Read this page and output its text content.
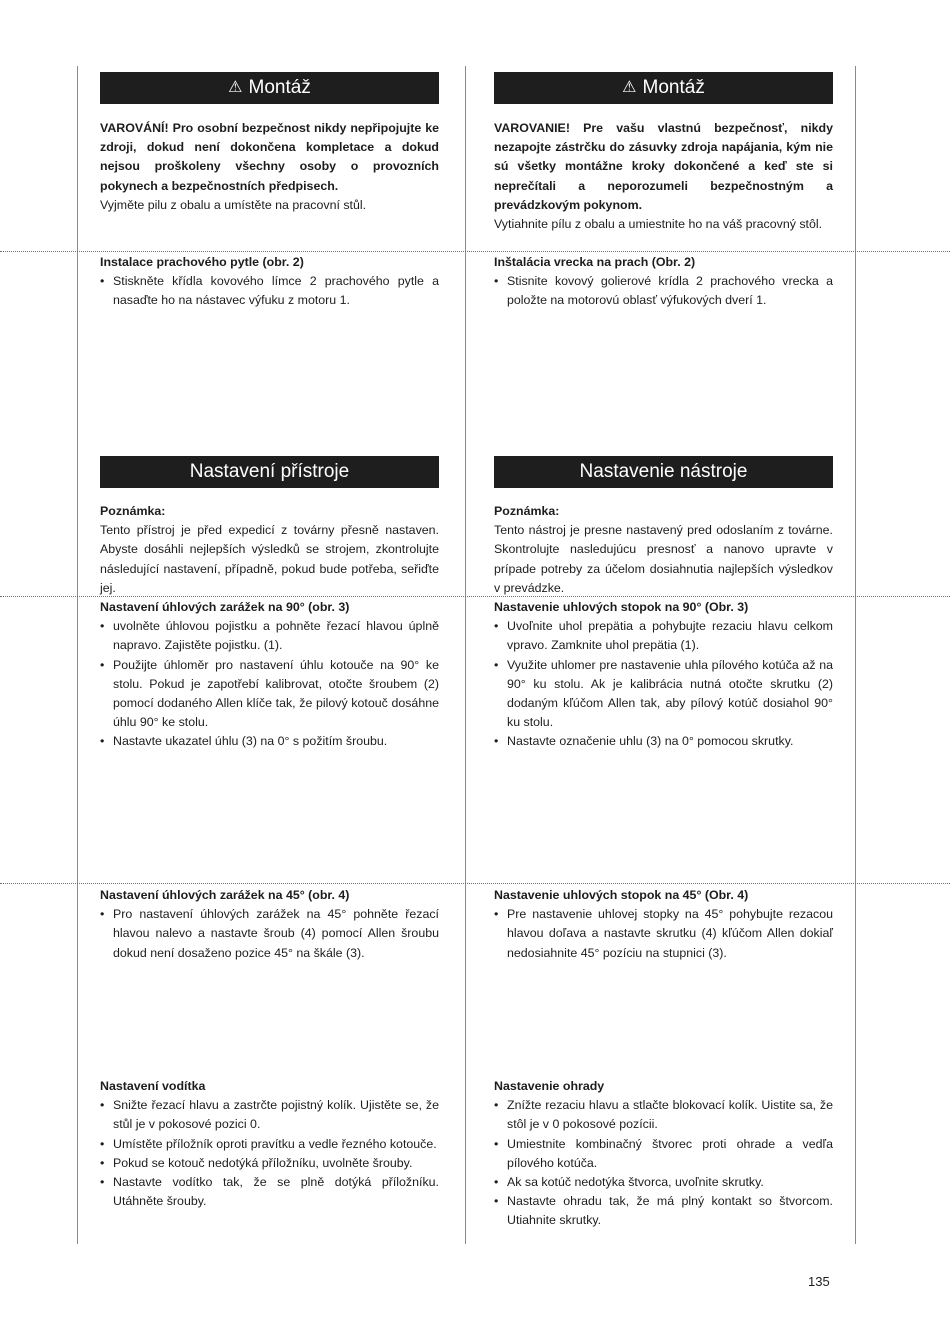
⚠ Montáž

VAROVÁNÍ! Pro osobní bezpečnost nikdy nepřipojujte ke zdroji, dokud není dokončena kompletace a dokud nejsou proškoleny všechny osoby o provozních pokynech a bezpečnostních předpisech.

Vyjměte pilu z obalu a umístěte na pracovní stůl.

Instalace prachového pytle (obr. 2)

• Stiskněte křídla kovového límce 2 prachového pytle a nasaďte ho na nástavec výfuku z motoru 1.
Nastavení přístroje

Poznámka:

Tento přístroj je před expedicí z továrny přesně nastaven. Abyste dosáhli nejlepších výsledků se strojem, zkontrolujte následující nastavení, případně, pokud bude potřeba, seřiďte jej.

Nastavení úhlových zarážek na 90° (obr. 3)

• uvolněte úhlovou pojistku a pohněte řezací hlavou úplně napravo. Zajistěte pojistku. (1).
• Použijte úhloměr pro nastavení úhlu kotouče na 90° ke stolu. Pokud je zapotřebí kalibrovat, otočte šroubem (2) pomocí dodaného Allen klíče tak, že pilový kotouč dosáhne úhlu 90° ke stolu.
• Nastavte ukazatel úhlu (3) na 0° s požitím šroubu.

Nastavení úhlových zarážek na 45° (obr. 4)

• Pro nastavení úhlových zarážek na 45° pohněte řezací hlavou nalevo a nastavte šroub (4) pomocí Allen šroubu dokud není dosaženo pozice 45° na škále (3).

Nastavení vodítka

• Snižte řezací hlavu a zastrčte pojistný kolík. Ujistěte se, že stůl je v pokosové pozici 0.
• Umístěte příložník oproti pravítku a vedle řezného kotouče.
• Pokud se kotouč nedotýká příložníku, uvolněte šrouby.
• Nastavte vodítko tak, že se plně dotýká příložníku. Utáhněte šrouby.
⚠ Montáž

VAROVANIE! Pre vašu vlastnú bezpečnosť, nikdy nezapojte zástrčku do zásuvky zdroja napájania, kým nie sú všetky montážne kroky dokončené a keď ste si neprečítali a neporozumeli bezpečnostným a prevádzkovým pokynom.

Vytiahnite pílu z obalu a umiestnite ho na váš pracovný stôl.

Inštalácia vrecka na prach (Obr. 2)

• Stisnite kovový golierové krídla 2 prachového vrecka a položte na motorovú oblasť výfukových dverí 1.
Nastavenie nástroje

Poznámka:

Tento nástroj je presne nastavený pred odoslaním z továrne. Skontrolujte nasledujúcu presnosť a nanovo upravte v prípade potreby za účelom dosiahnutia najlepších výsledkov v prevádzke.

Nastavenie uhlových stopok na 90° (Obr. 3)

• Uvoľnite uhol prepätia a pohybujte rezaciu hlavu celkom vpravo. Zamknite uhol prepätia (1).
• Využite uhlomer pre nastavenie uhla pílového kotúča až na 90° ku stolu. Ak je kalibrácia nutná otočte skrutku (2) dodaným kľúčom Allen tak, aby pílový kotúč dosiahol 90° ku stolu.
• Nastavte označenie uhlu (3) na 0° pomocou skrutky.

Nastavenie uhlových stopok na 45° (Obr. 4)

• Pre nastavenie uhlovej stopky na 45° pohybujte rezacou hlavou doľava a nastavte skrutku (4) kľúčom Allen dokiaľ nedosiahnite 45° pozíciu na stupnici (3).

Nastavenie ohrady

• Znížte rezaciu hlavu a stlačte blokovací kolík. Uistite sa, že stôl je v 0 pokosové pozícii.
• Umiestnite kombinačný štvorec proti ohrade a vedľa pílového kotúča.
• Ak sa kotúč nedotýka štvorca, uvoľnite skrutky.
• Nastavte ohradu tak, že má plný kontakt so štvorcom. Utiahnite skrutky.
135
